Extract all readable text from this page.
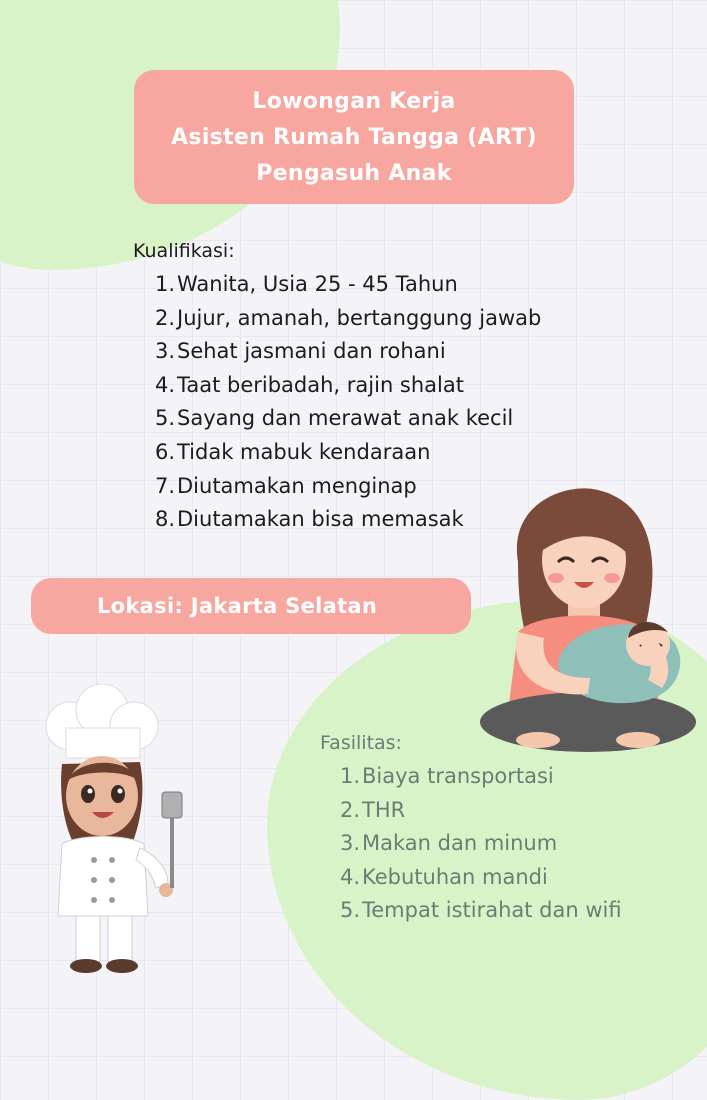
Lowongan Kerja
Asisten Rumah Tangga (ART)
Pengasuh Anak
Kualifikasi:
1. Wanita, Usia 25 - 45 Tahun
2. Jujur, amanah, bertanggung jawab
3. Sehat jasmani dan rohani
4. Taat beribadah, rajin shalat
5. Sayang dan merawat anak kecil
6. Tidak mabuk kendaraan
7. Diutamakan menginap
8. Diutamakan bisa memasak
Lokasi: Jakarta Selatan
Fasilitas:
1. Biaya transportasi
2. THR
3. Makan dan minum
4. Kebutuhan mandi
5. Tempat istirahat dan wifi
